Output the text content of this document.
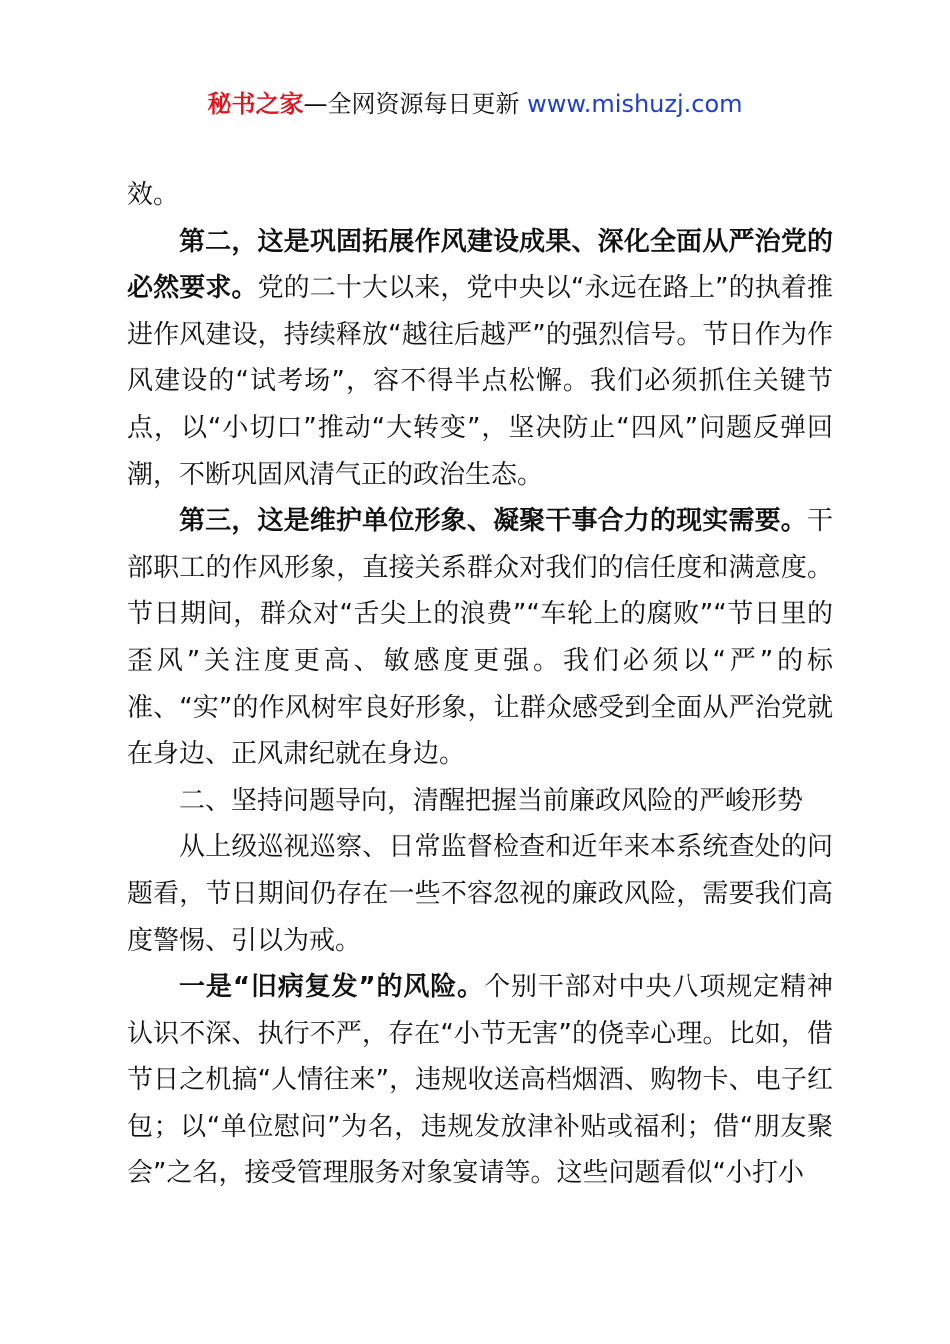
秘书之家—全网资源每日更新 www.mishuzj.com

效。

第二，这是巩固拓展作风建设成果、深化全面从严治党的必然要求。党的二十大以来，党中央以“永远在路上”的执着推进作风建设，持续释放“越往后越严”的强烈信号。节日作为作风建设的“试考场”，容不得半点松懈。我们必须抓住关键节点，以“小切口”推动“大转变”，坚决防止“四风”问题反弹回潮，不断巩固风清气正的政治生态。

第三，这是维护单位形象、凝聚干事合力的现实需要。干部职工的作风形象，直接关系群众对我们的信任度和满意度。节日期间，群众对“舌尖上的浪费”“车轮上的腐败”“节日里的歪风”关注度更高、敏感度更强。我们必须以“严”的标准、“实”的作风树牢良好形象，让群众感受到全面从严治党就在身边、正风肃纪就在身边。

二、坚持问题导向，清醒把握当前廉政风险的严峻形势

从上级巡视巡察、日常监督检查和近年来本系统查处的问题看，节日期间仍存在一些不容忽视的廉政风险，需要我们高度警惕、引以为戒。

一是“旧病复发”的风险。个别干部对中央八项规定精神认识不深、执行不严，存在“小节无害”的侥幸心理。比如，借节日之机搞“人情往来”，违规收送高档烟酒、购物卡、电子红包；以“单位慰问”为名，违规发放津补贴或福利；借“朋友聚会”之名，接受管理服务对象宴请等。这些问题看似“小打小
